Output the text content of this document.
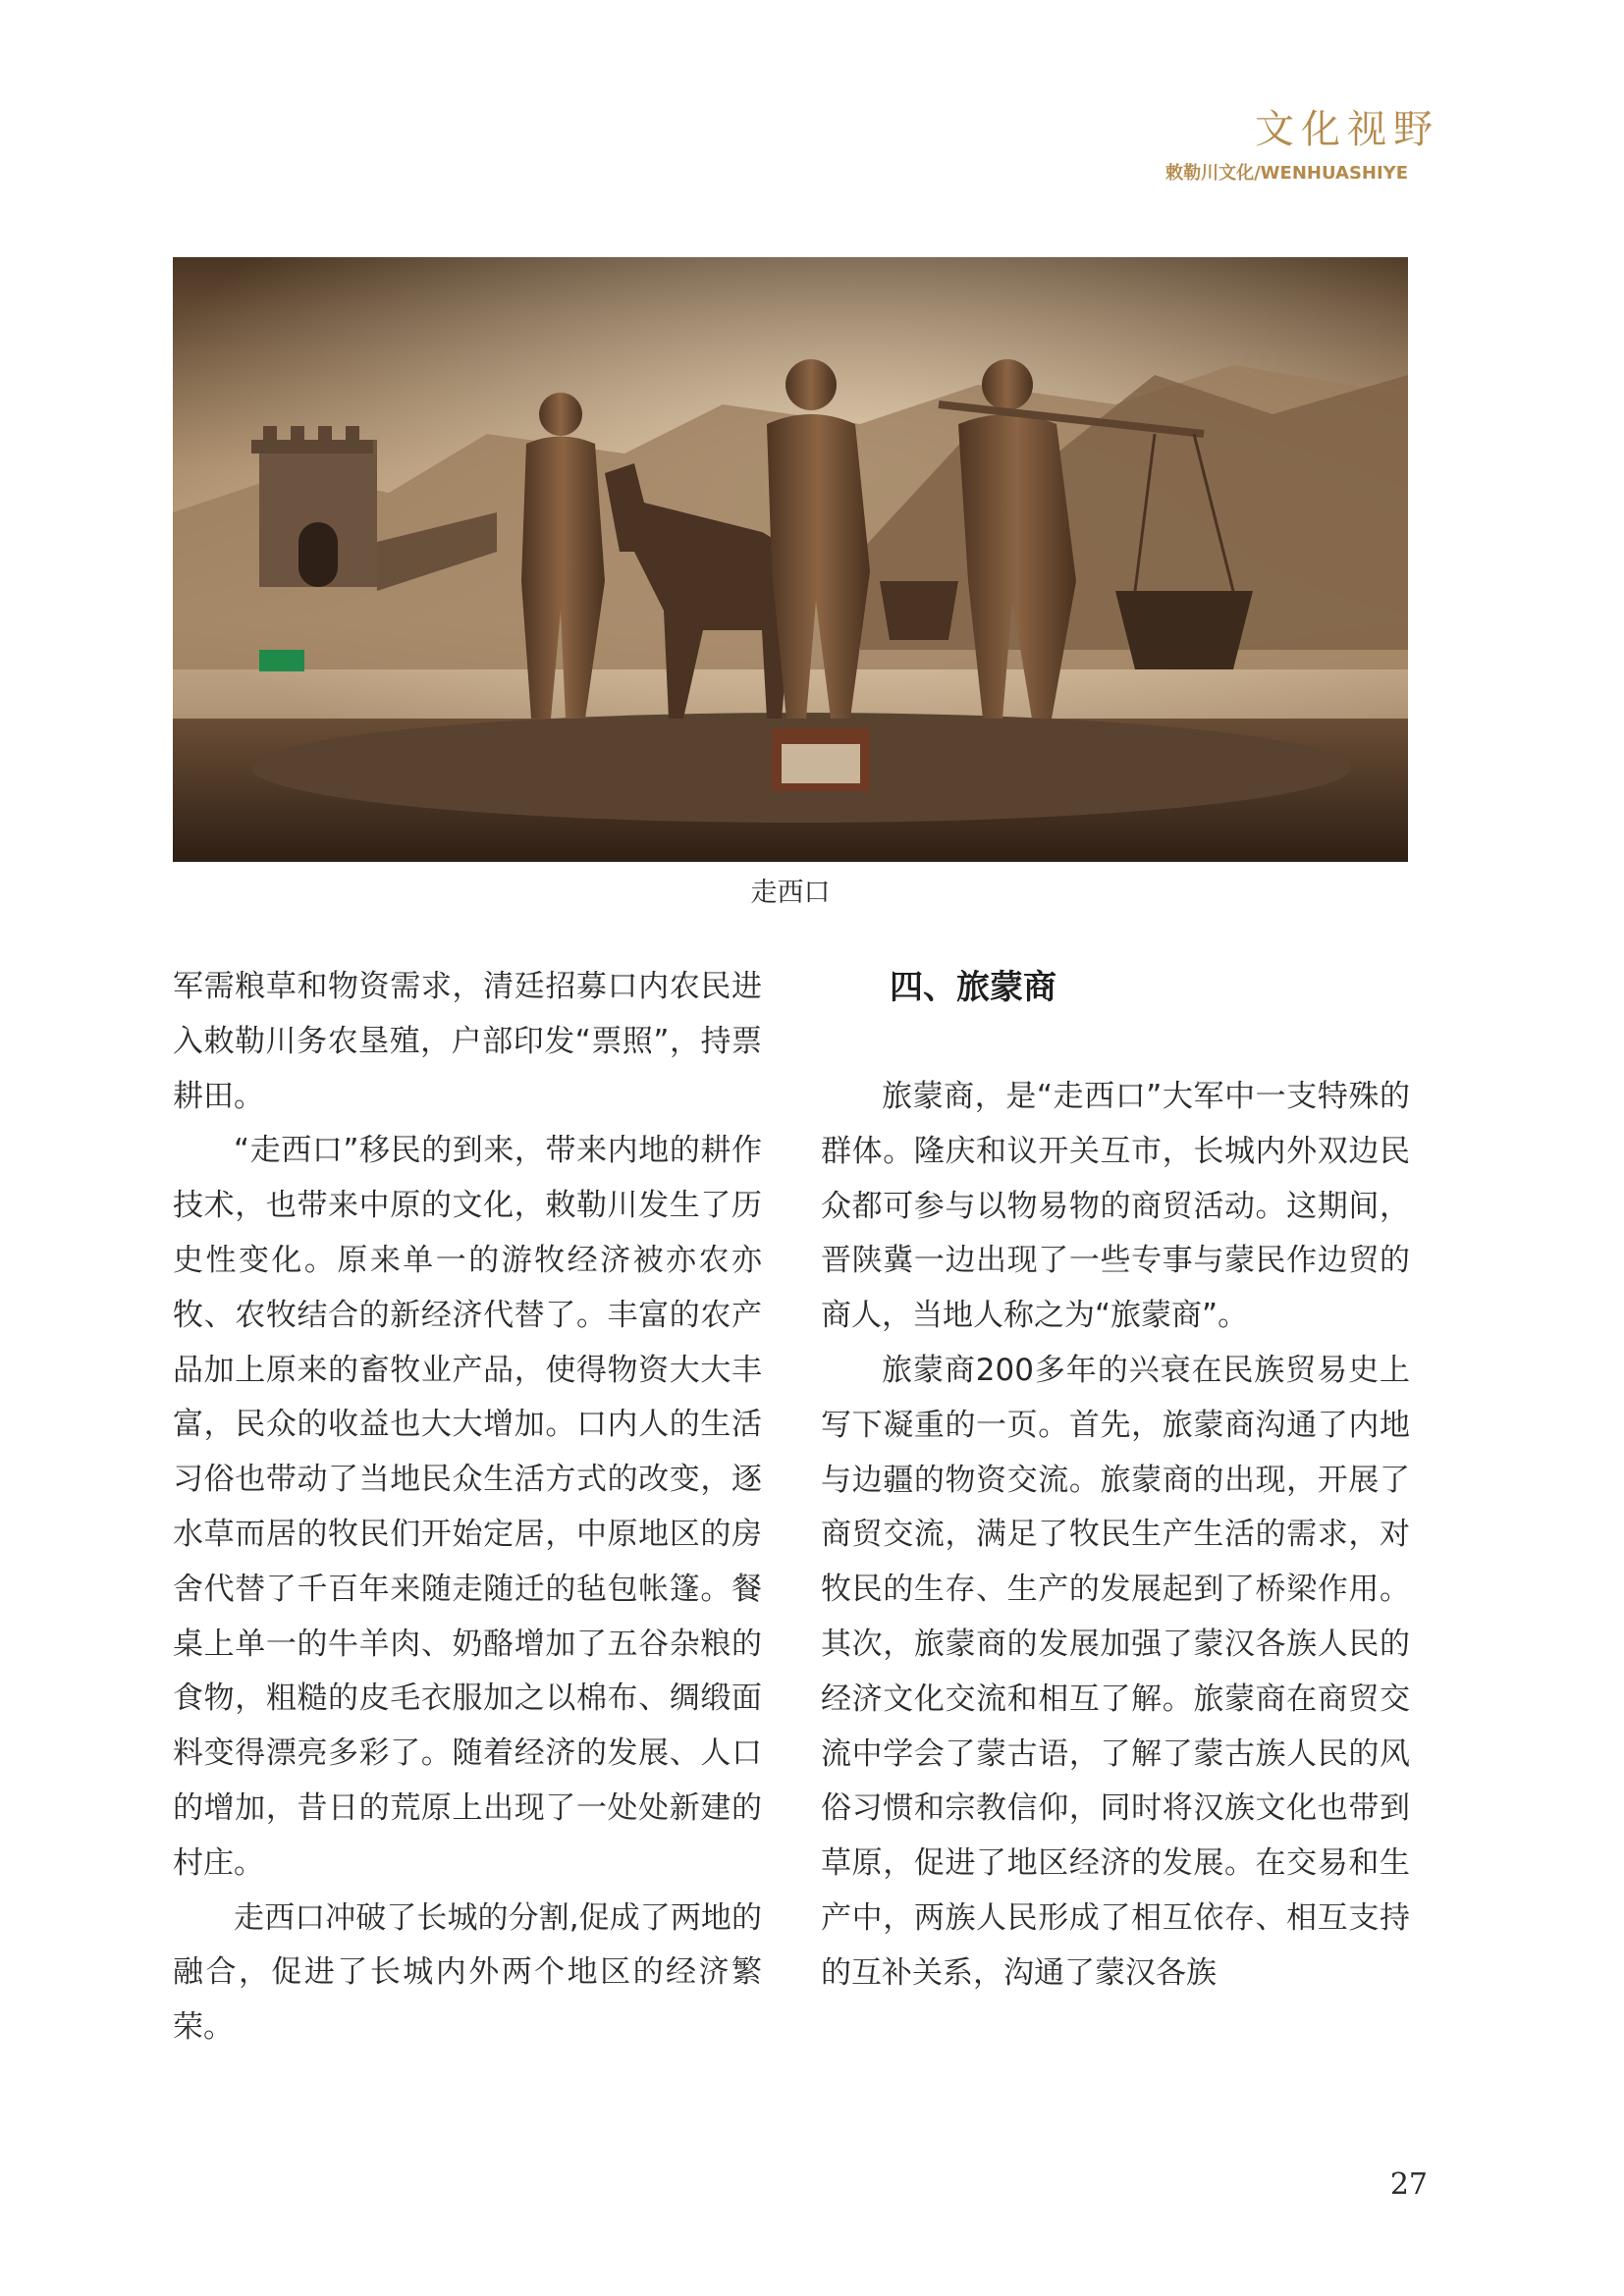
文化视野
敕勒川文化/WENHUASHIYE
走西口

军需粮草和物资需求，清廷招募口内农民进入敕勒川务农垦殖，户部印发“票照”，持票耕田。

“走西口”移民的到来，带来内地的耕作技术，也带来中原的文化，敕勒川发生了历史性变化。原来单一的游牧经济被亦农亦牧、农牧结合的新经济代替了。丰富的农产品加上原来的畜牧业产品，使得物资大大丰富，民众的收益也大大增加。口内人的生活习俗也带动了当地民众生活方式的改变，逐水草而居的牧民们开始定居，中原地区的房舍代替了千百年来随走随迁的毡包帐篷。餐桌上单一的牛羊肉、奶酪增加了五谷杂粮的食物，粗糙的皮毛衣服加之以棉布、绸缎面料变得漂亮多彩了。随着经济的发展、人口的增加，昔日的荒原上出现了一处处新建的村庄。

走西口冲破了长城的分割,促成了两地的融合，促进了长城内外两个地区的经济繁荣。

四、旅蒙商

旅蒙商，是“走西口”大军中一支特殊的群体。隆庆和议开关互市，长城内外双边民众都可参与以物易物的商贸活动。这期间，晋陕冀一边出现了一些专事与蒙民作边贸的商人，当地人称之为“旅蒙商”。

旅蒙商200多年的兴衰在民族贸易史上写下凝重的一页。首先，旅蒙商沟通了内地与边疆的物资交流。旅蒙商的出现，开展了商贸交流，满足了牧民生产生活的需求，对牧民的生存、生产的发展起到了桥梁作用。其次，旅蒙商的发展加强了蒙汉各族人民的经济文化交流和相互了解。旅蒙商在商贸交流中学会了蒙古语，了解了蒙古族人民的风俗习惯和宗教信仰，同时将汉族文化也带到草原，促进了地区经济的发展。在交易和生产中，两族人民形成了相互依存、相互支持的互补关系，沟通了蒙汉各族

27
